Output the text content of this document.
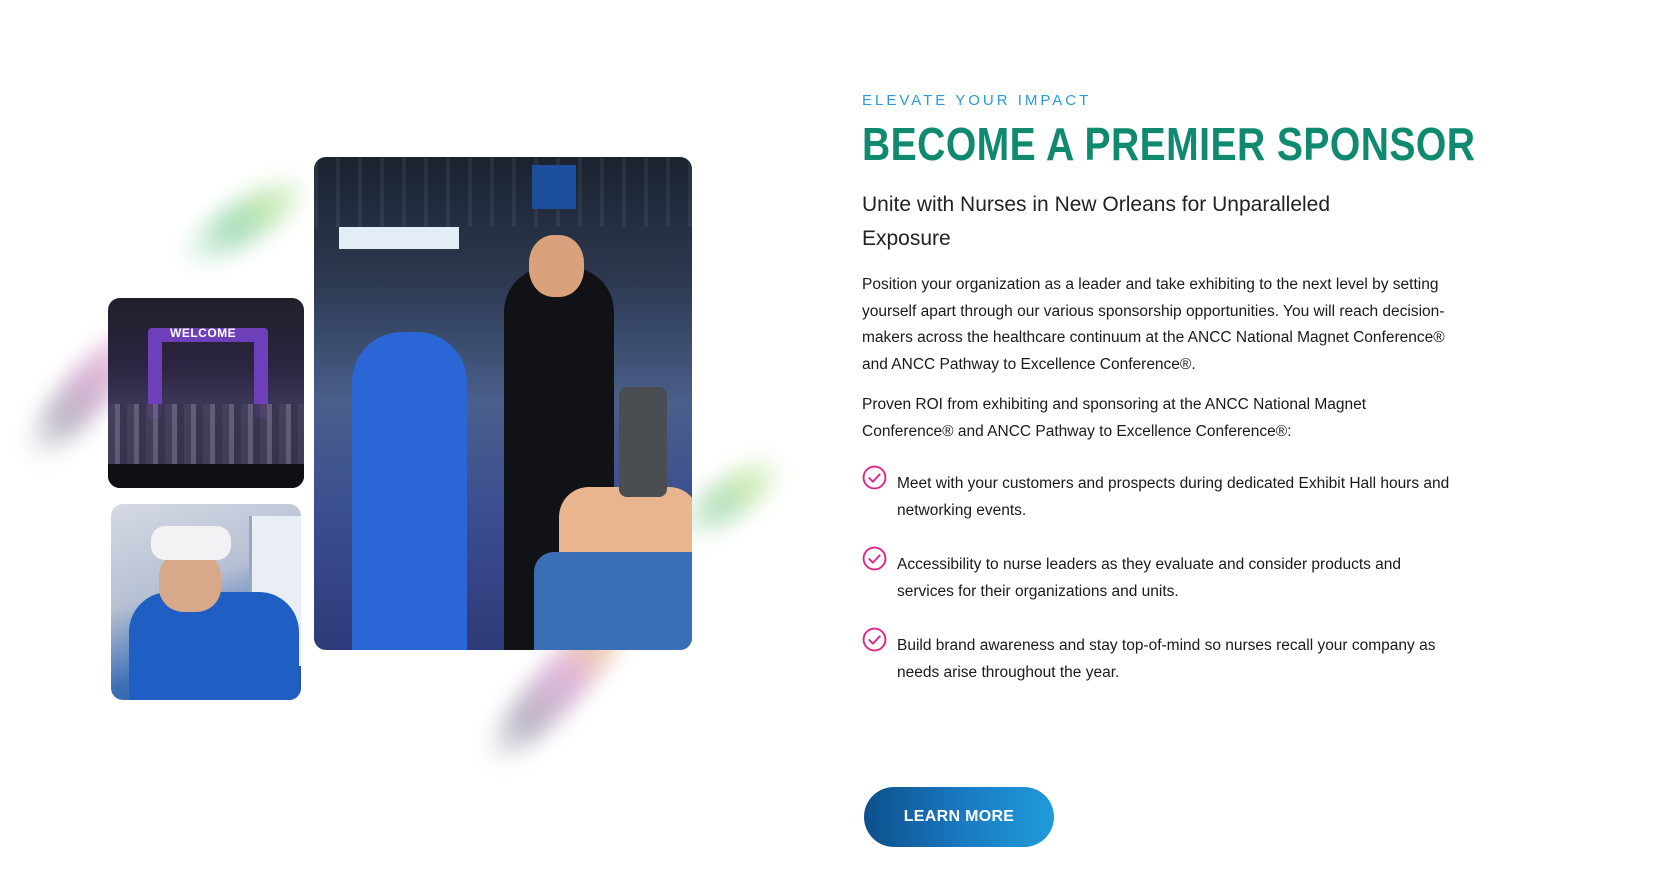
WELCOME
ELEVATE YOUR IMPACT
BECOME A PREMIER SPONSOR

Unite with Nurses in New Orleans for Unparalleled Exposure

Position your organization as a leader and take exhibiting to the next level by setting yourself apart through our various sponsorship opportunities. You will reach decision-makers across the healthcare continuum at the ANCC National Magnet Conference® and ANCC Pathway to Excellence Conference®.

Proven ROI from exhibiting and sponsoring at the ANCC National Magnet Conference® and ANCC Pathway to Excellence Conference®:

Meet with your customers and prospects during dedicated Exhibit Hall hours and networking events.
Accessibility to nurse leaders as they evaluate and consider products and services for their organizations and units.
Build brand awareness and stay top-of-mind so nurses recall your company as needs arise throughout the year.
LEARN MORE
